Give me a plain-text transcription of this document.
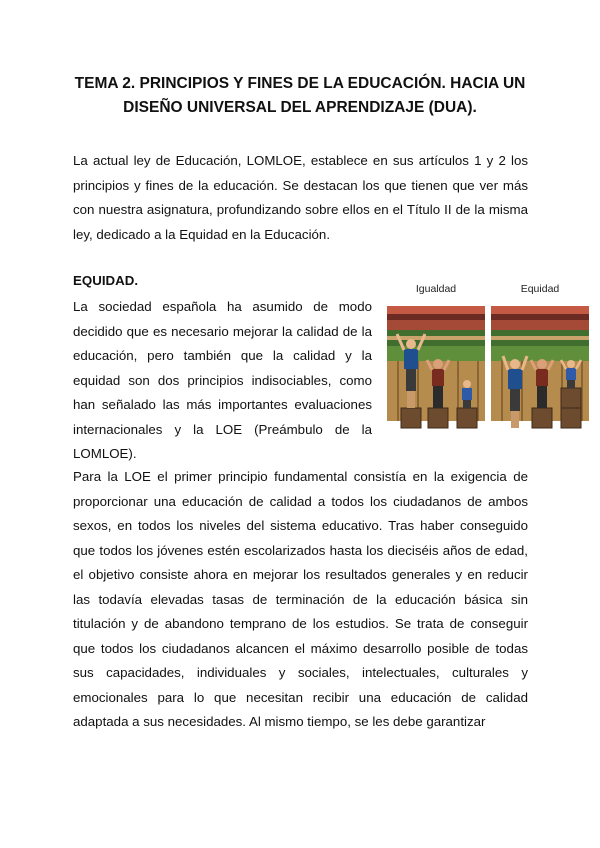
TEMA 2. PRINCIPIOS Y FINES DE LA EDUCACIÓN. HACIA UN DISEÑO UNIVERSAL DEL APRENDIZAJE (DUA).

La actual ley de Educación, LOMLOE, establece en sus artículos 1 y 2 los principios y fines de la educación. Se destacan los que tienen que ver más con nuestra asignatura, profundizando sobre ellos en el Título II de la misma ley, dedicado a la Equidad en la Educación.

EQUIDAD.

La sociedad española ha asumido de modo decidido que es necesario mejorar la calidad de la educación, pero también que la calidad y la equidad son dos principios indisociables, como han señalado las más importantes evaluaciones internacionales y la LOE (Preámbulo de la LOMLOE).

Igualdad	Equidad

Para la LOE el primer principio fundamental consistía en la exigencia de proporcionar una educación de calidad a todos los ciudadanos de ambos sexos, en todos los niveles del sistema educativo. Tras haber conseguido que todos los jóvenes estén escolarizados hasta los dieciséis años de edad, el objetivo consiste ahora en mejorar los resultados generales y en reducir las todavía elevadas tasas de terminación de la educación básica sin titulación y de abandono temprano de los estudios. Se trata de conseguir que todos los ciudadanos alcancen el máximo desarrollo posible de todas sus capacidades, individuales y sociales, intelectuales, culturales y emocionales para lo que necesitan recibir una educación de calidad adaptada a sus necesidades. Al mismo tiempo, se les debe garantizar
